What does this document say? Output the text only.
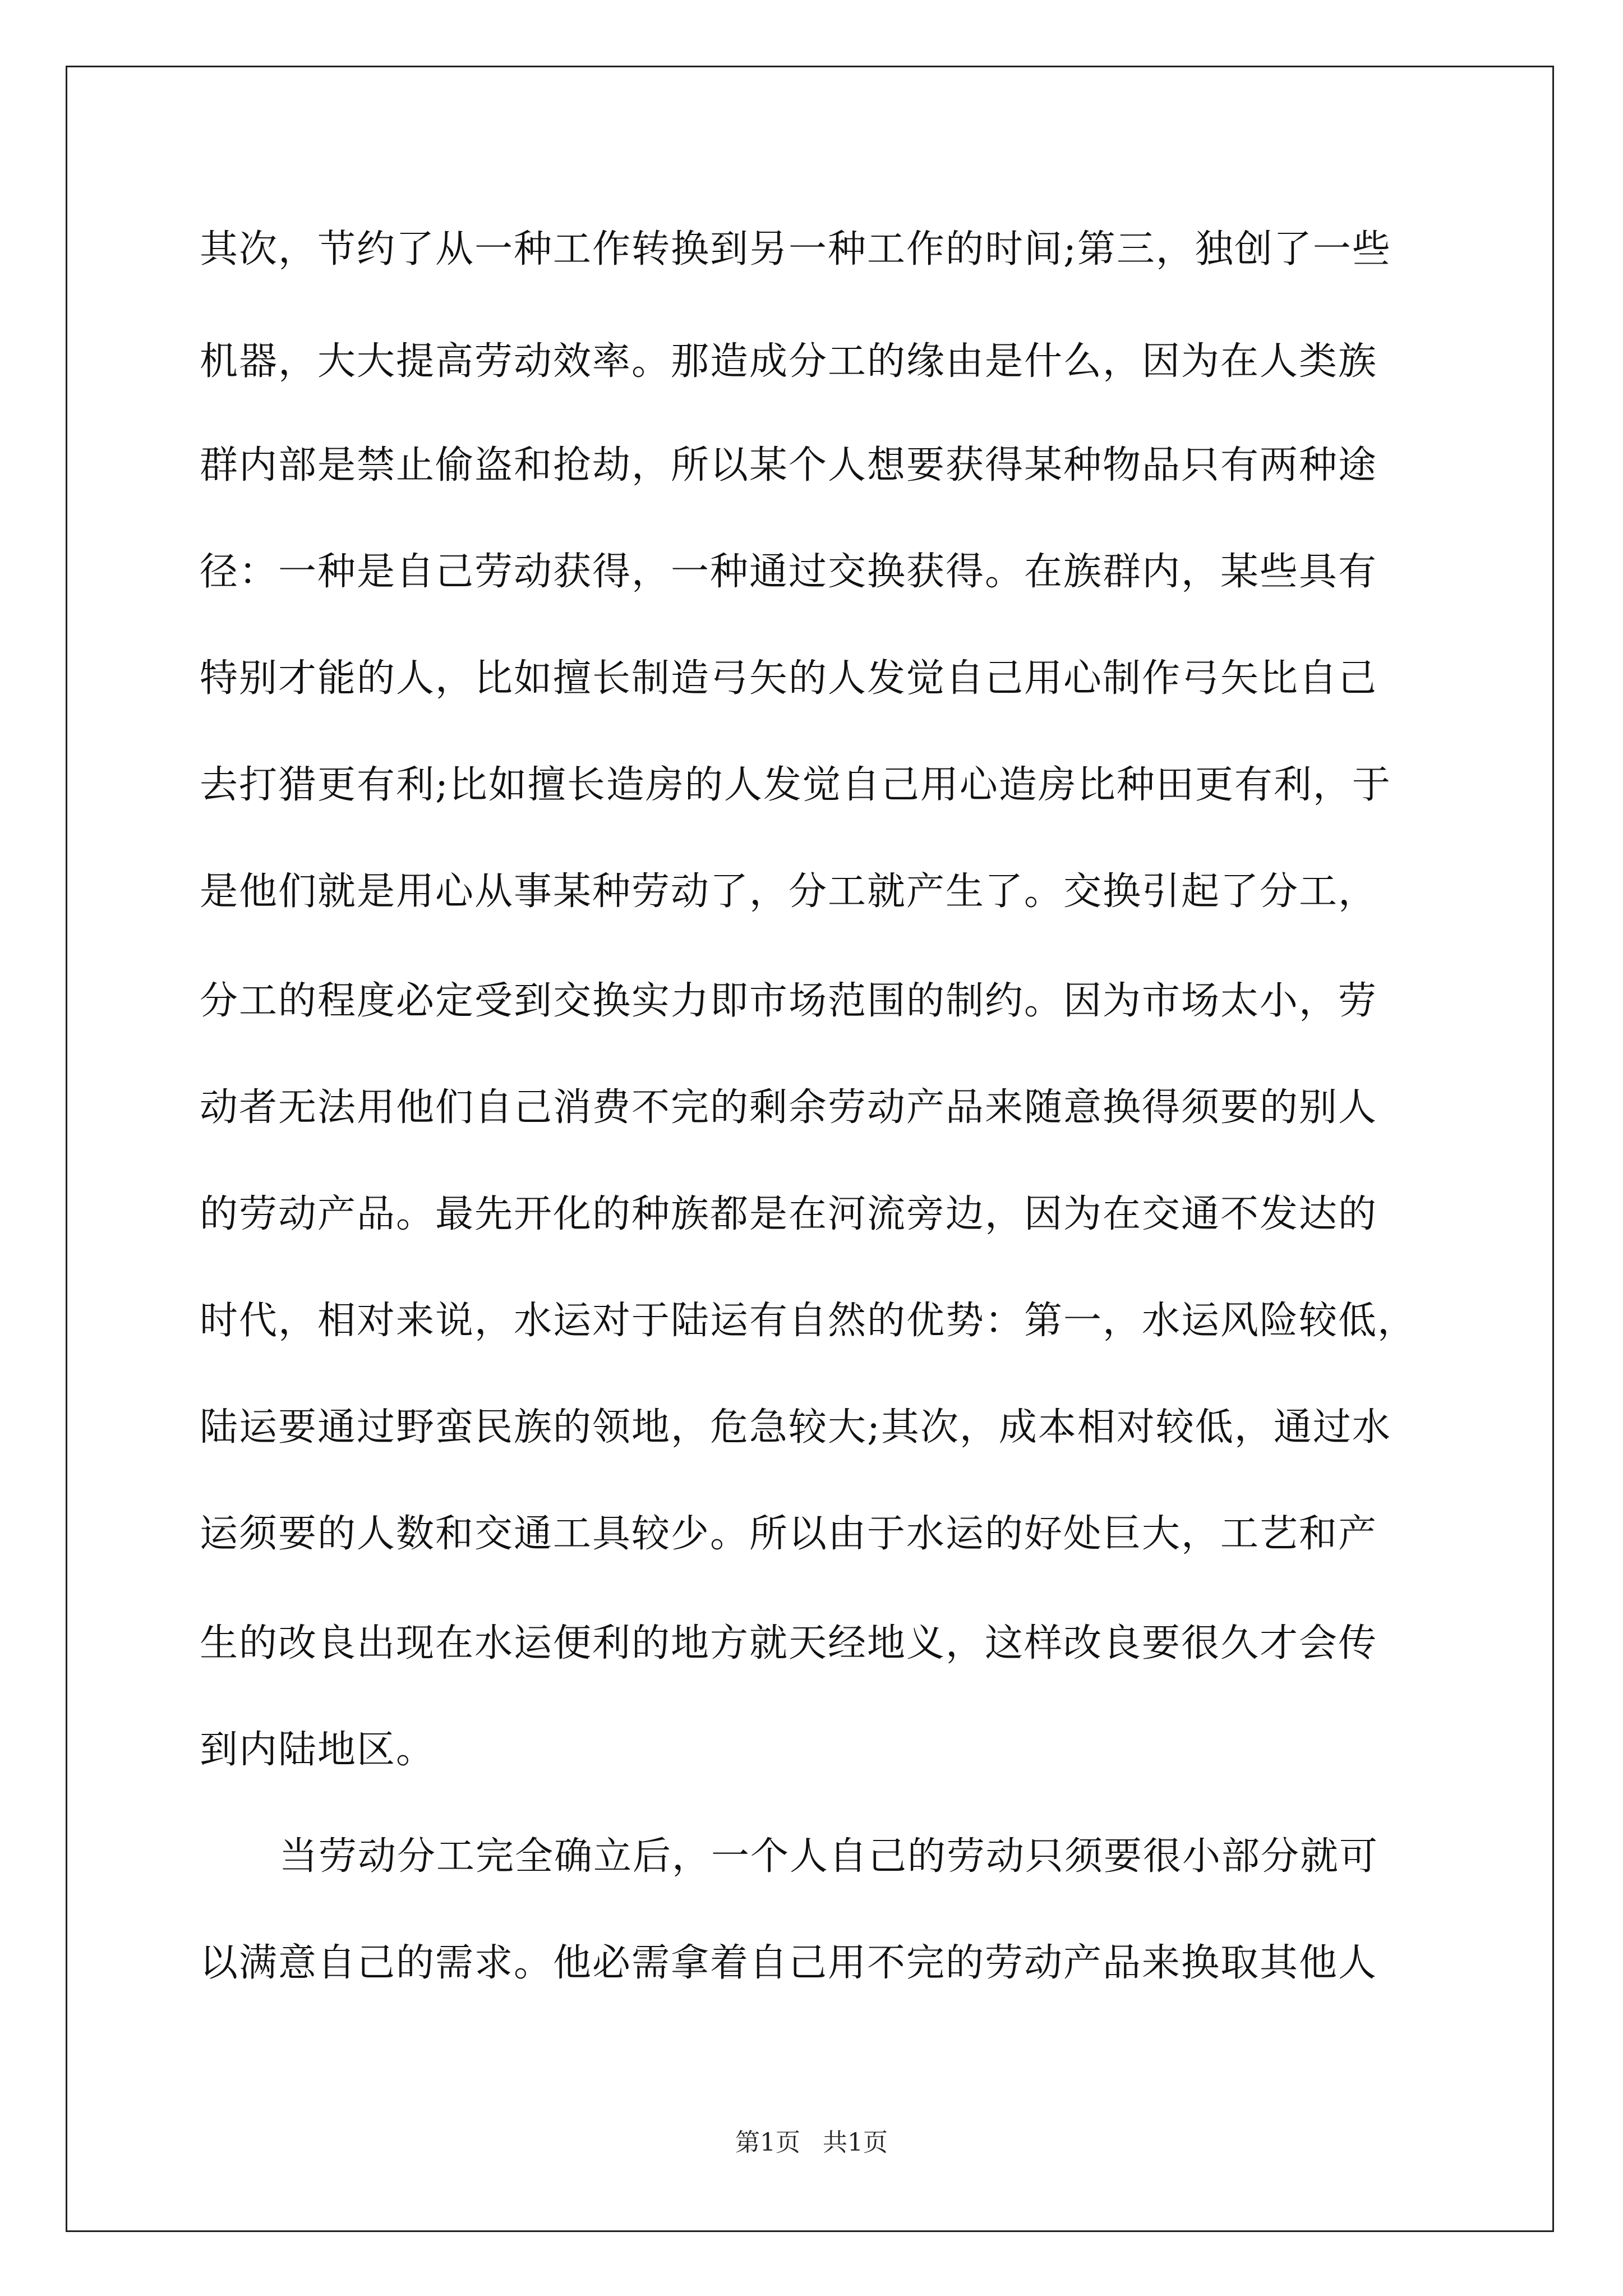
其次，节约了从一种工作转换到另一种工作的时间;第三，独创了一些
机器，大大提高劳动效率。那造成分工的缘由是什么，因为在人类族
群内部是禁止偷盗和抢劫，所以某个人想要获得某种物品只有两种途
径：一种是自己劳动获得，一种通过交换获得。在族群内，某些具有
特别才能的人，比如擅长制造弓矢的人发觉自己用心制作弓矢比自己
去打猎更有利;比如擅长造房的人发觉自己用心造房比种田更有利，于
是他们就是用心从事某种劳动了，分工就产生了。交换引起了分工，
分工的程度必定受到交换实力即市场范围的制约。因为市场太小，劳
动者无法用他们自己消费不完的剩余劳动产品来随意换得须要的别人
的劳动产品。最先开化的种族都是在河流旁边，因为在交通不发达的
时代，相对来说，水运对于陆运有自然的优势：第一，水运风险较低，
陆运要通过野蛮民族的领地，危急较大;其次，成本相对较低，通过水
运须要的人数和交通工具较少。所以由于水运的好处巨大，工艺和产
生的改良出现在水运便利的地方就天经地义，这样改良要很久才会传
到内陆地区。
当劳动分工完全确立后，一个人自己的劳动只须要很小部分就可
以满意自己的需求。他必需拿着自己用不完的劳动产品来换取其他人
第1页 共1页
